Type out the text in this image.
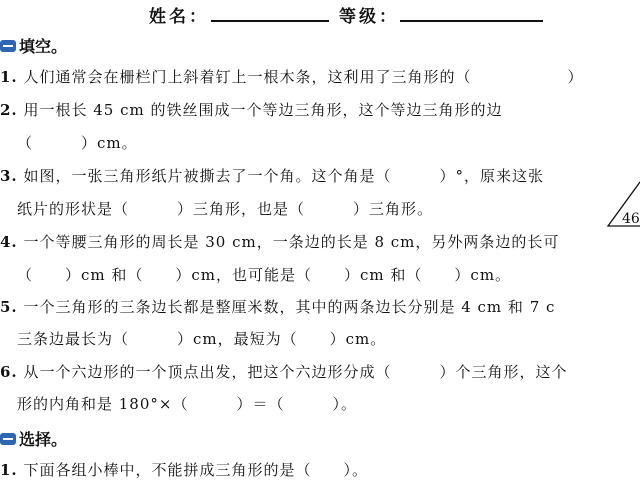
姓名：	等级：
填空。
1. 人们通常会在栅栏门上斜着钉上一根木条，这利用了三角形的（　　　　　　）
2. 用一根长 45 cm 的铁丝围成一个等边三角形，这个等边三角形的边
（　　　）cm。
3. 如图，一张三角形纸片被撕去了一个角。这个角是（　　　）°，原来这张
纸片的形状是（　　　）三角形，也是（　　　）三角形。
46
4. 一个等腰三角形的周长是 30 cm，一条边的长是 8 cm，另外两条边的长可
（　　）cm 和（　　）cm，也可能是（　　）cm 和（　　）cm。
5. 一个三角形的三条边长都是整厘米数，其中的两条边长分别是 4 cm 和 7 c
三条边最长为（　　　）cm，最短为（　　）cm。
6. 从一个六边形的一个顶点出发，把这个六边形分成（　　　）个三角形，这个
形的内角和是 180°×（　　　）＝（　　　）。
选择。
1. 下面各组小棒中，不能拼成三角形的是（　　）。
